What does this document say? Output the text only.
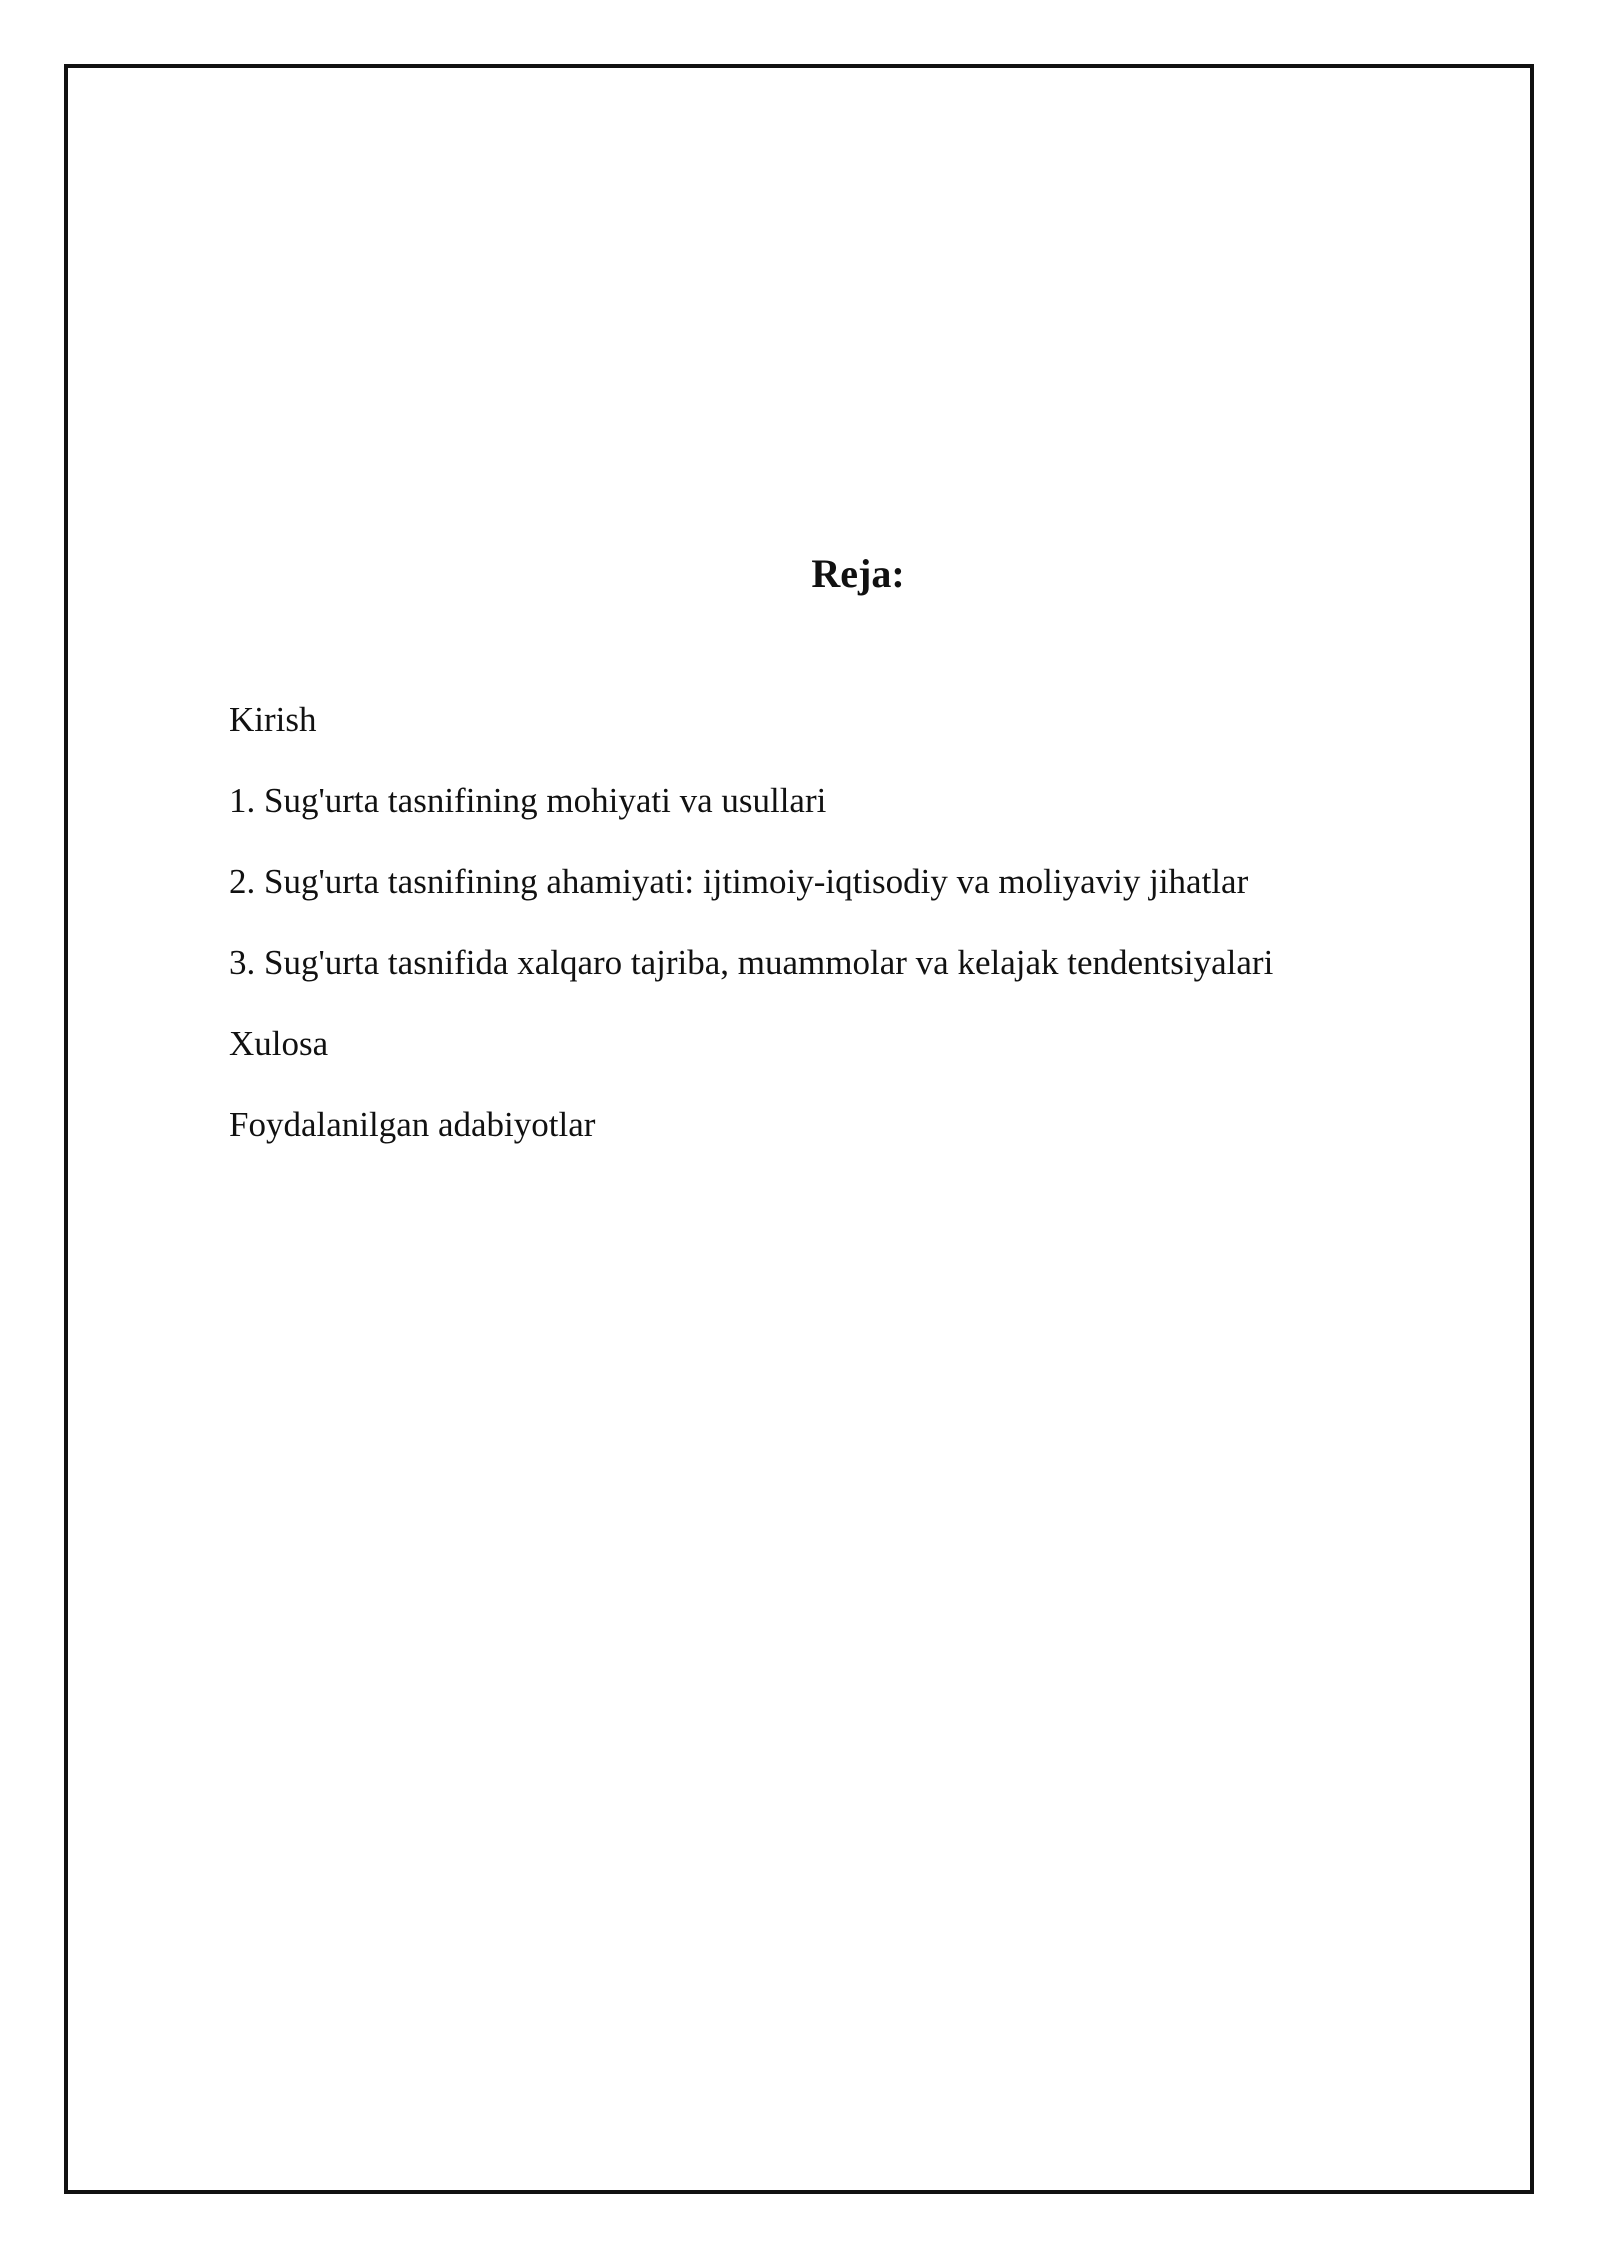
Reja:
Kirish
1. Sug'urta tasnifining mohiyati va usullari
2. Sug'urta tasnifining ahamiyati: ijtimoiy-iqtisodiy va moliyaviy jihatlar
3. Sug'urta tasnifida xalqaro tajriba, muammolar va kelajak tendentsiyalari
Xulosa
Foydalanilgan adabiyotlar
